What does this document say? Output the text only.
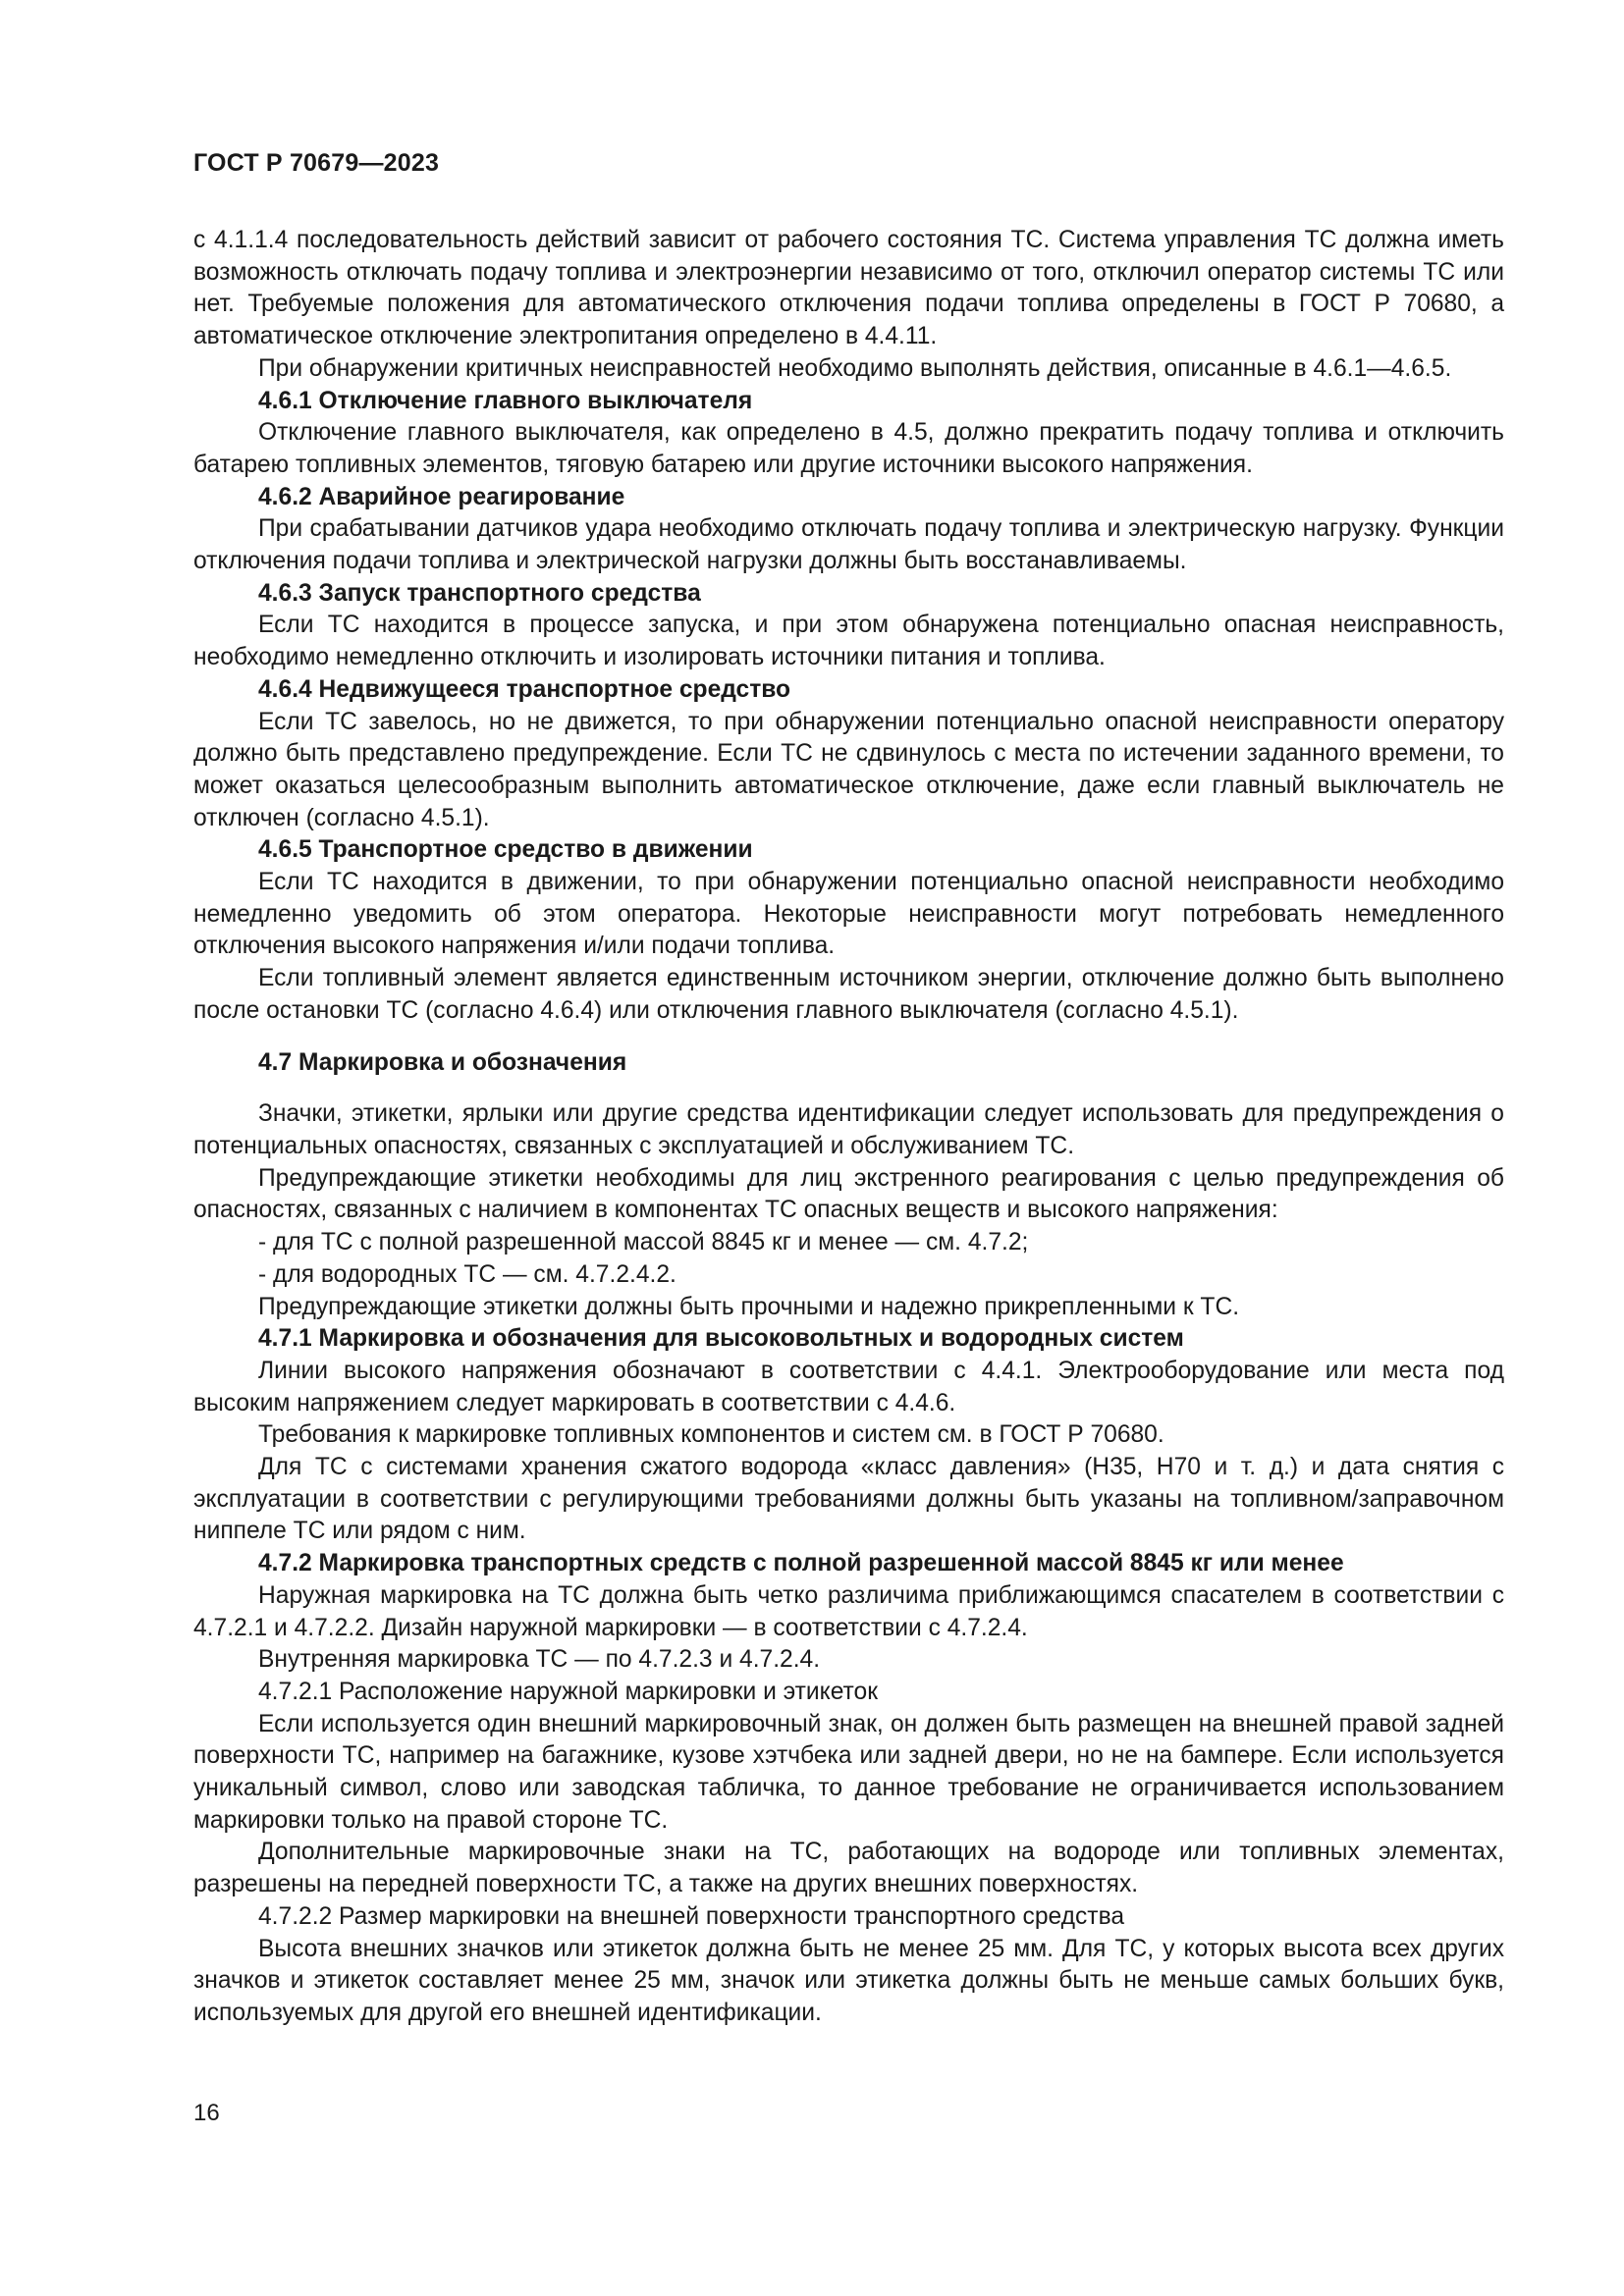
ГОСТ Р 70679—2023

с 4.1.1.4 последовательность действий зависит от рабочего состояния ТС. Система управления ТС должна иметь возможность отключать подачу топлива и электроэнергии независимо от того, отключил оператор системы ТС или нет. Требуемые положения для автоматического отключения подачи топлива определены в ГОСТ Р 70680, а автоматическое отключение электропитания определено в 4.4.11.

При обнаружении критичных неисправностей необходимо выполнять действия, описанные в 4.6.1—4.6.5.

4.6.1 Отключение главного выключателя

Отключение главного выключателя, как определено в 4.5, должно прекратить подачу топлива и отключить батарею топливных элементов, тяговую батарею или другие источники высокого напряжения.

4.6.2 Аварийное реагирование

При срабатывании датчиков удара необходимо отключать подачу топлива и электрическую нагрузку. Функции отключения подачи топлива и электрической нагрузки должны быть восстанавливаемы.

4.6.3 Запуск транспортного средства

Если ТС находится в процессе запуска, и при этом обнаружена потенциально опасная неисправность, необходимо немедленно отключить и изолировать источники питания и топлива.

4.6.4 Недвижущееся транспортное средство

Если ТС завелось, но не движется, то при обнаружении потенциально опасной неисправности оператору должно быть представлено предупреждение. Если ТС не сдвинулось с места по истечении заданного времени, то может оказаться целесообразным выполнить автоматическое отключение, даже если главный выключатель не отключен (согласно 4.5.1).

4.6.5 Транспортное средство в движении

Если ТС находится в движении, то при обнаружении потенциально опасной неисправности необходимо немедленно уведомить об этом оператора. Некоторые неисправности могут потребовать немедленного отключения высокого напряжения и/или подачи топлива.

Если топливный элемент является единственным источником энергии, отключение должно быть выполнено после остановки ТС (согласно 4.6.4) или отключения главного выключателя (согласно 4.5.1).

4.7 Маркировка и обозначения

Значки, этикетки, ярлыки или другие средства идентификации следует использовать для предупреждения о потенциальных опасностях, связанных с эксплуатацией и обслуживанием ТС.

Предупреждающие этикетки необходимы для лиц экстренного реагирования с целью предупреждения об опасностях, связанных с наличием в компонентах ТС опасных веществ и высокого напряжения:

- для ТС с полной разрешенной массой 8845 кг и менее — см. 4.7.2;

- для водородных ТС — см. 4.7.2.4.2.

Предупреждающие этикетки должны быть прочными и надежно прикрепленными к ТС.

4.7.1 Маркировка и обозначения для высоковольтных и водородных систем

Линии высокого напряжения обозначают в соответствии с 4.4.1. Электрооборудование или места под высоким напряжением следует маркировать в соответствии с 4.4.6.

Требования к маркировке топливных компонентов и систем см. в ГОСТ Р 70680.

Для ТС с системами хранения сжатого водорода «класс давления» (Н35, Н70 и т. д.) и дата снятия с эксплуатации в соответствии с регулирующими требованиями должны быть указаны на топливном/заправочном ниппеле ТС или рядом с ним.

4.7.2 Маркировка транспортных средств с полной разрешенной массой 8845 кг или менее

Наружная маркировка на ТС должна быть четко различима приближающимся спасателем в соответствии с 4.7.2.1 и 4.7.2.2. Дизайн наружной маркировки — в соответствии с 4.7.2.4.

Внутренняя маркировка ТС — по 4.7.2.3 и 4.7.2.4.

4.7.2.1 Расположение наружной маркировки и этикеток

Если используется один внешний маркировочный знак, он должен быть размещен на внешней правой задней поверхности ТС, например на багажнике, кузове хэтчбека или задней двери, но не на бампере. Если используется уникальный символ, слово или заводская табличка, то данное требование не ограничивается использованием маркировки только на правой стороне ТС.

Дополнительные маркировочные знаки на ТС, работающих на водороде или топливных элементах, разрешены на передней поверхности ТС, а также на других внешних поверхностях.

4.7.2.2 Размер маркировки на внешней поверхности транспортного средства

Высота внешних значков или этикеток должна быть не менее 25 мм. Для ТС, у которых высота всех других значков и этикеток составляет менее 25 мм, значок или этикетка должны быть не меньше самых больших букв, используемых для другой его внешней идентификации.

16
